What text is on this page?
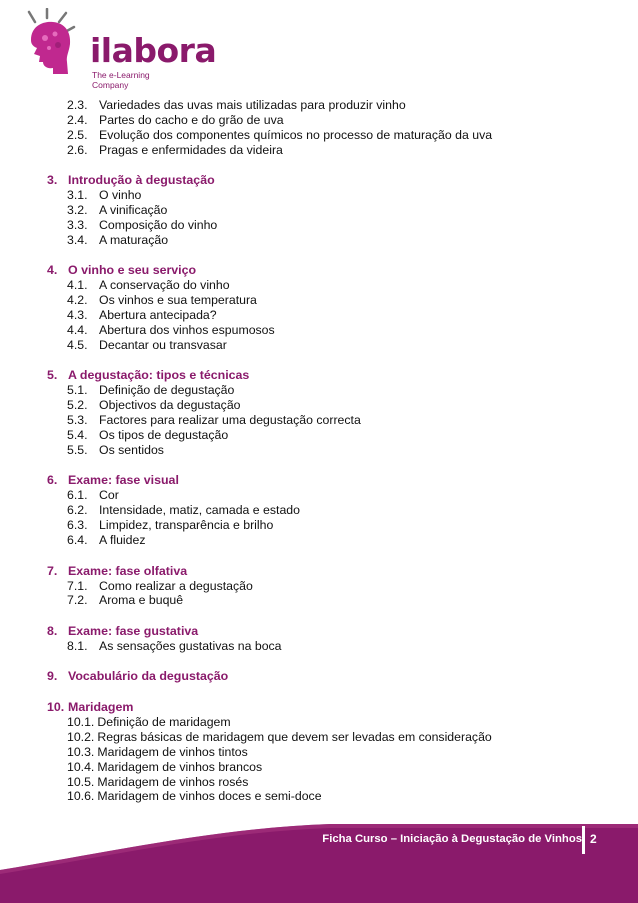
ilabora
The e-Learning Company
2.3. Variedades das uvas mais utilizadas para produzir vinho
2.4. Partes do cacho e do grão de uva
2.5. Evolução dos componentes químicos no processo de maturação da uva
2.6. Pragas e enfermidades da videira
3. Introdução à degustação
3.1. O vinho
3.2. A vinificação
3.3. Composição do vinho
3.4. A maturação
4. O vinho e seu serviço
4.1. A conservação do vinho
4.2. Os vinhos e sua temperatura
4.3. Abertura antecipada?
4.4. Abertura dos vinhos espumosos
4.5. Decantar ou transvasar
5. A degustação: tipos e técnicas
5.1. Definição de degustação
5.2. Objectivos da degustação
5.3. Factores para realizar uma degustação correcta
5.4. Os tipos de degustação
5.5. Os sentidos
6. Exame: fase visual
6.1. Cor
6.2. Intensidade, matiz, camada e estado
6.3. Limpidez, transparência e brilho
6.4. A fluidez
7. Exame: fase olfativa
7.1. Como realizar a degustação
7.2. Aroma e buquê
8. Exame: fase gustativa
8.1. As sensações gustativas na boca
9. Vocabulário da degustação
10. Maridagem
10.1. Definição de maridagem
10.2. Regras básicas de maridagem que devem ser levadas em consideração
10.3. Maridagem de vinhos tintos
10.4. Maridagem de vinhos brancos
10.5. Maridagem de vinhos rosés
10.6. Maridagem de vinhos doces e semi-doce
Ficha Curso – Iniciação à Degustação de Vinhos 2
